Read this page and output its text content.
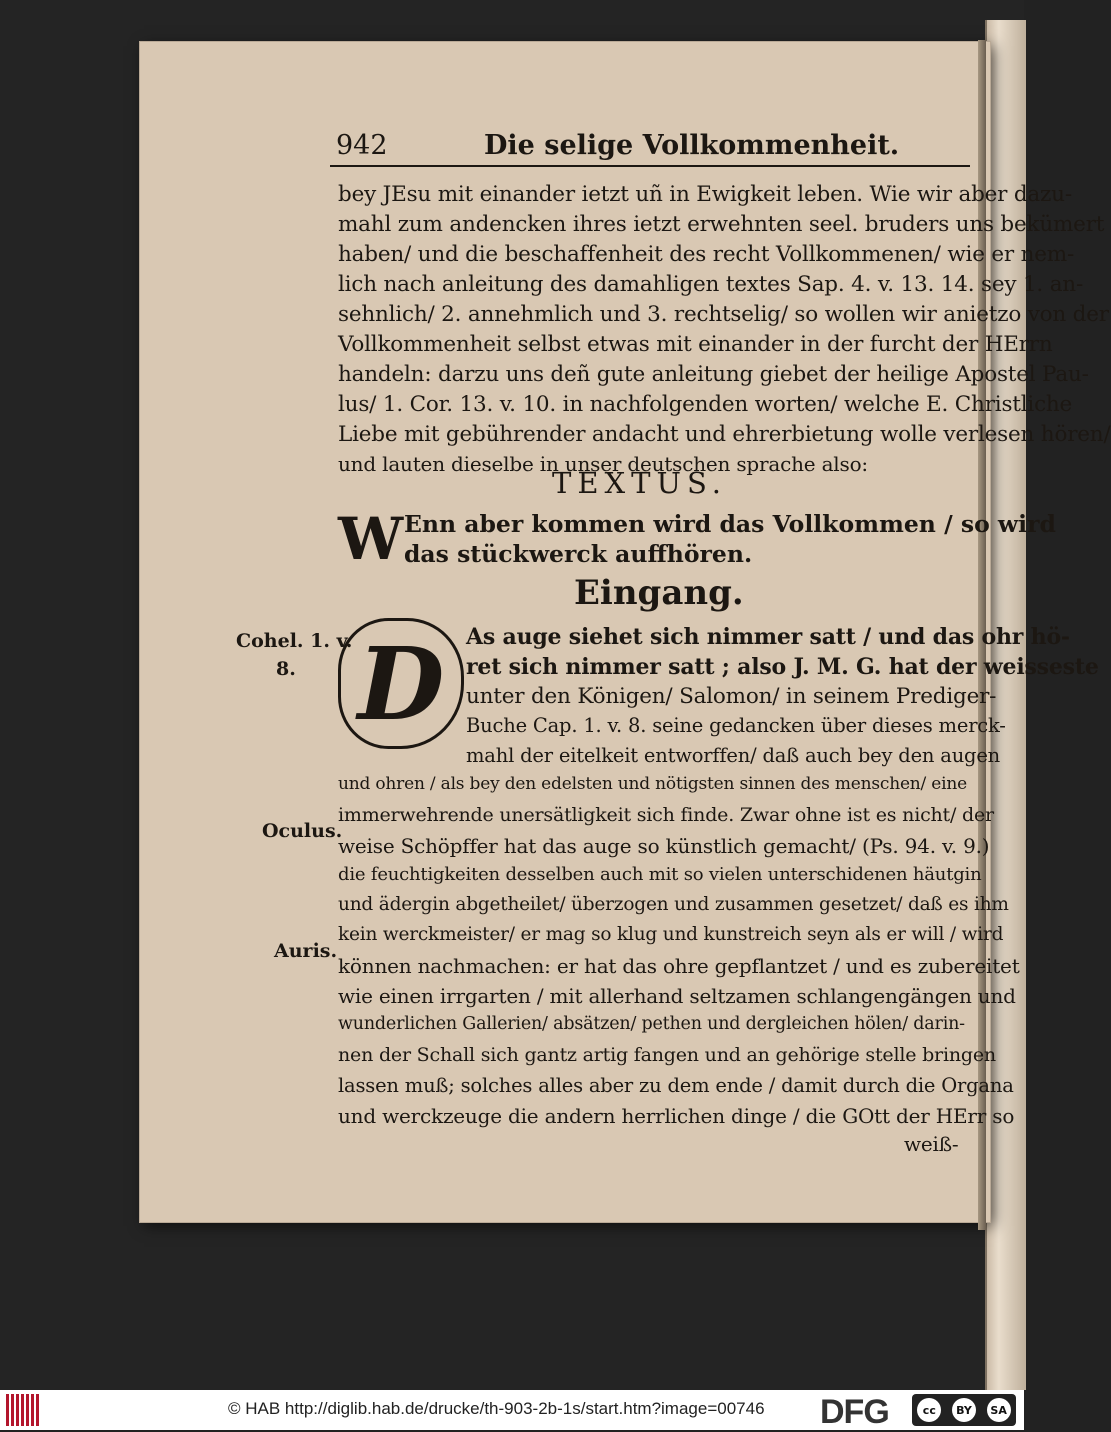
942	Die selige Vollkommenheit.
bey JEsu mit einander ietzt uñ in Ewigkeit leben. Wie wir aber dazu-
mahl zum andencken ihres ietzt erwehnten seel. bruders uns bekümert
haben/ und die beschaffenheit des recht Vollkommenen/ wie er nem-
lich nach anleitung des damahligen textes Sap. 4. v. 13. 14. sey 1. an-
sehnlich/ 2. annehmlich und 3. rechtselig/ so wollen wir anietzo von der
Vollkommenheit selbst etwas mit einander in der furcht der HErrn
handeln: darzu uns deñ gute anleitung giebet der heilige Apostel Pau-
lus/ 1. Cor. 13. v. 10. in nachfolgenden worten/ welche E. Christliche
Liebe mit gebührender andacht und ehrerbietung wolle verlesen hören/
und lauten dieselbe in unser deutschen sprache also:
TEXTUS.
W Enn aber kommen wird das Vollkommen / so wird
das stückwerck auffhören.
Eingang.
D As auge siehet sich nimmer satt / und das ohr hö-
ret sich nimmer satt ; also J. M. G. hat der weisseste
unter den Königen/ Salomon/ in seinem Prediger-
Buche Cap. 1. v. 8. seine gedancken über dieses merck-
mahl der eitelkeit entworffen/ daß auch bey den augen
und ohren / als bey den edelsten und nötigsten sinnen des menschen/ eine
immerwehrende unersätligkeit sich finde. Zwar ohne ist es nicht/ der
weise Schöpffer hat das auge so künstlich gemacht/ (Ps. 94. v. 9.)
die feuchtigkeiten desselben auch mit so vielen unterschidenen häutgin
und ädergin abgetheilet/ überzogen und zusammen gesetzet/ daß es ihm
kein werckmeister/ er mag so klug und kunstreich seyn als er will / wird
können nachmachen: er hat das ohre gepflantzet / und es zubereitet
wie einen irrgarten / mit allerhand seltzamen schlangengängen und
wunderlichen Gallerien/ absätzen/ pethen und dergleichen hölen/ darin-
nen der Schall sich gantz artig fangen und an gehörige stelle bringen
lassen muß; solches alles aber zu dem ende / damit durch die Organa
und werckzeuge die andern herrlichen dinge / die GOtt der HErr so
weiß-
Cohel. 1. v.
8.
Oculus.
Auris.
© HAB http://diglib.hab.de/drucke/th-903-2b-1s/start.htm?image=00746 DFG	cc	BY	SA
